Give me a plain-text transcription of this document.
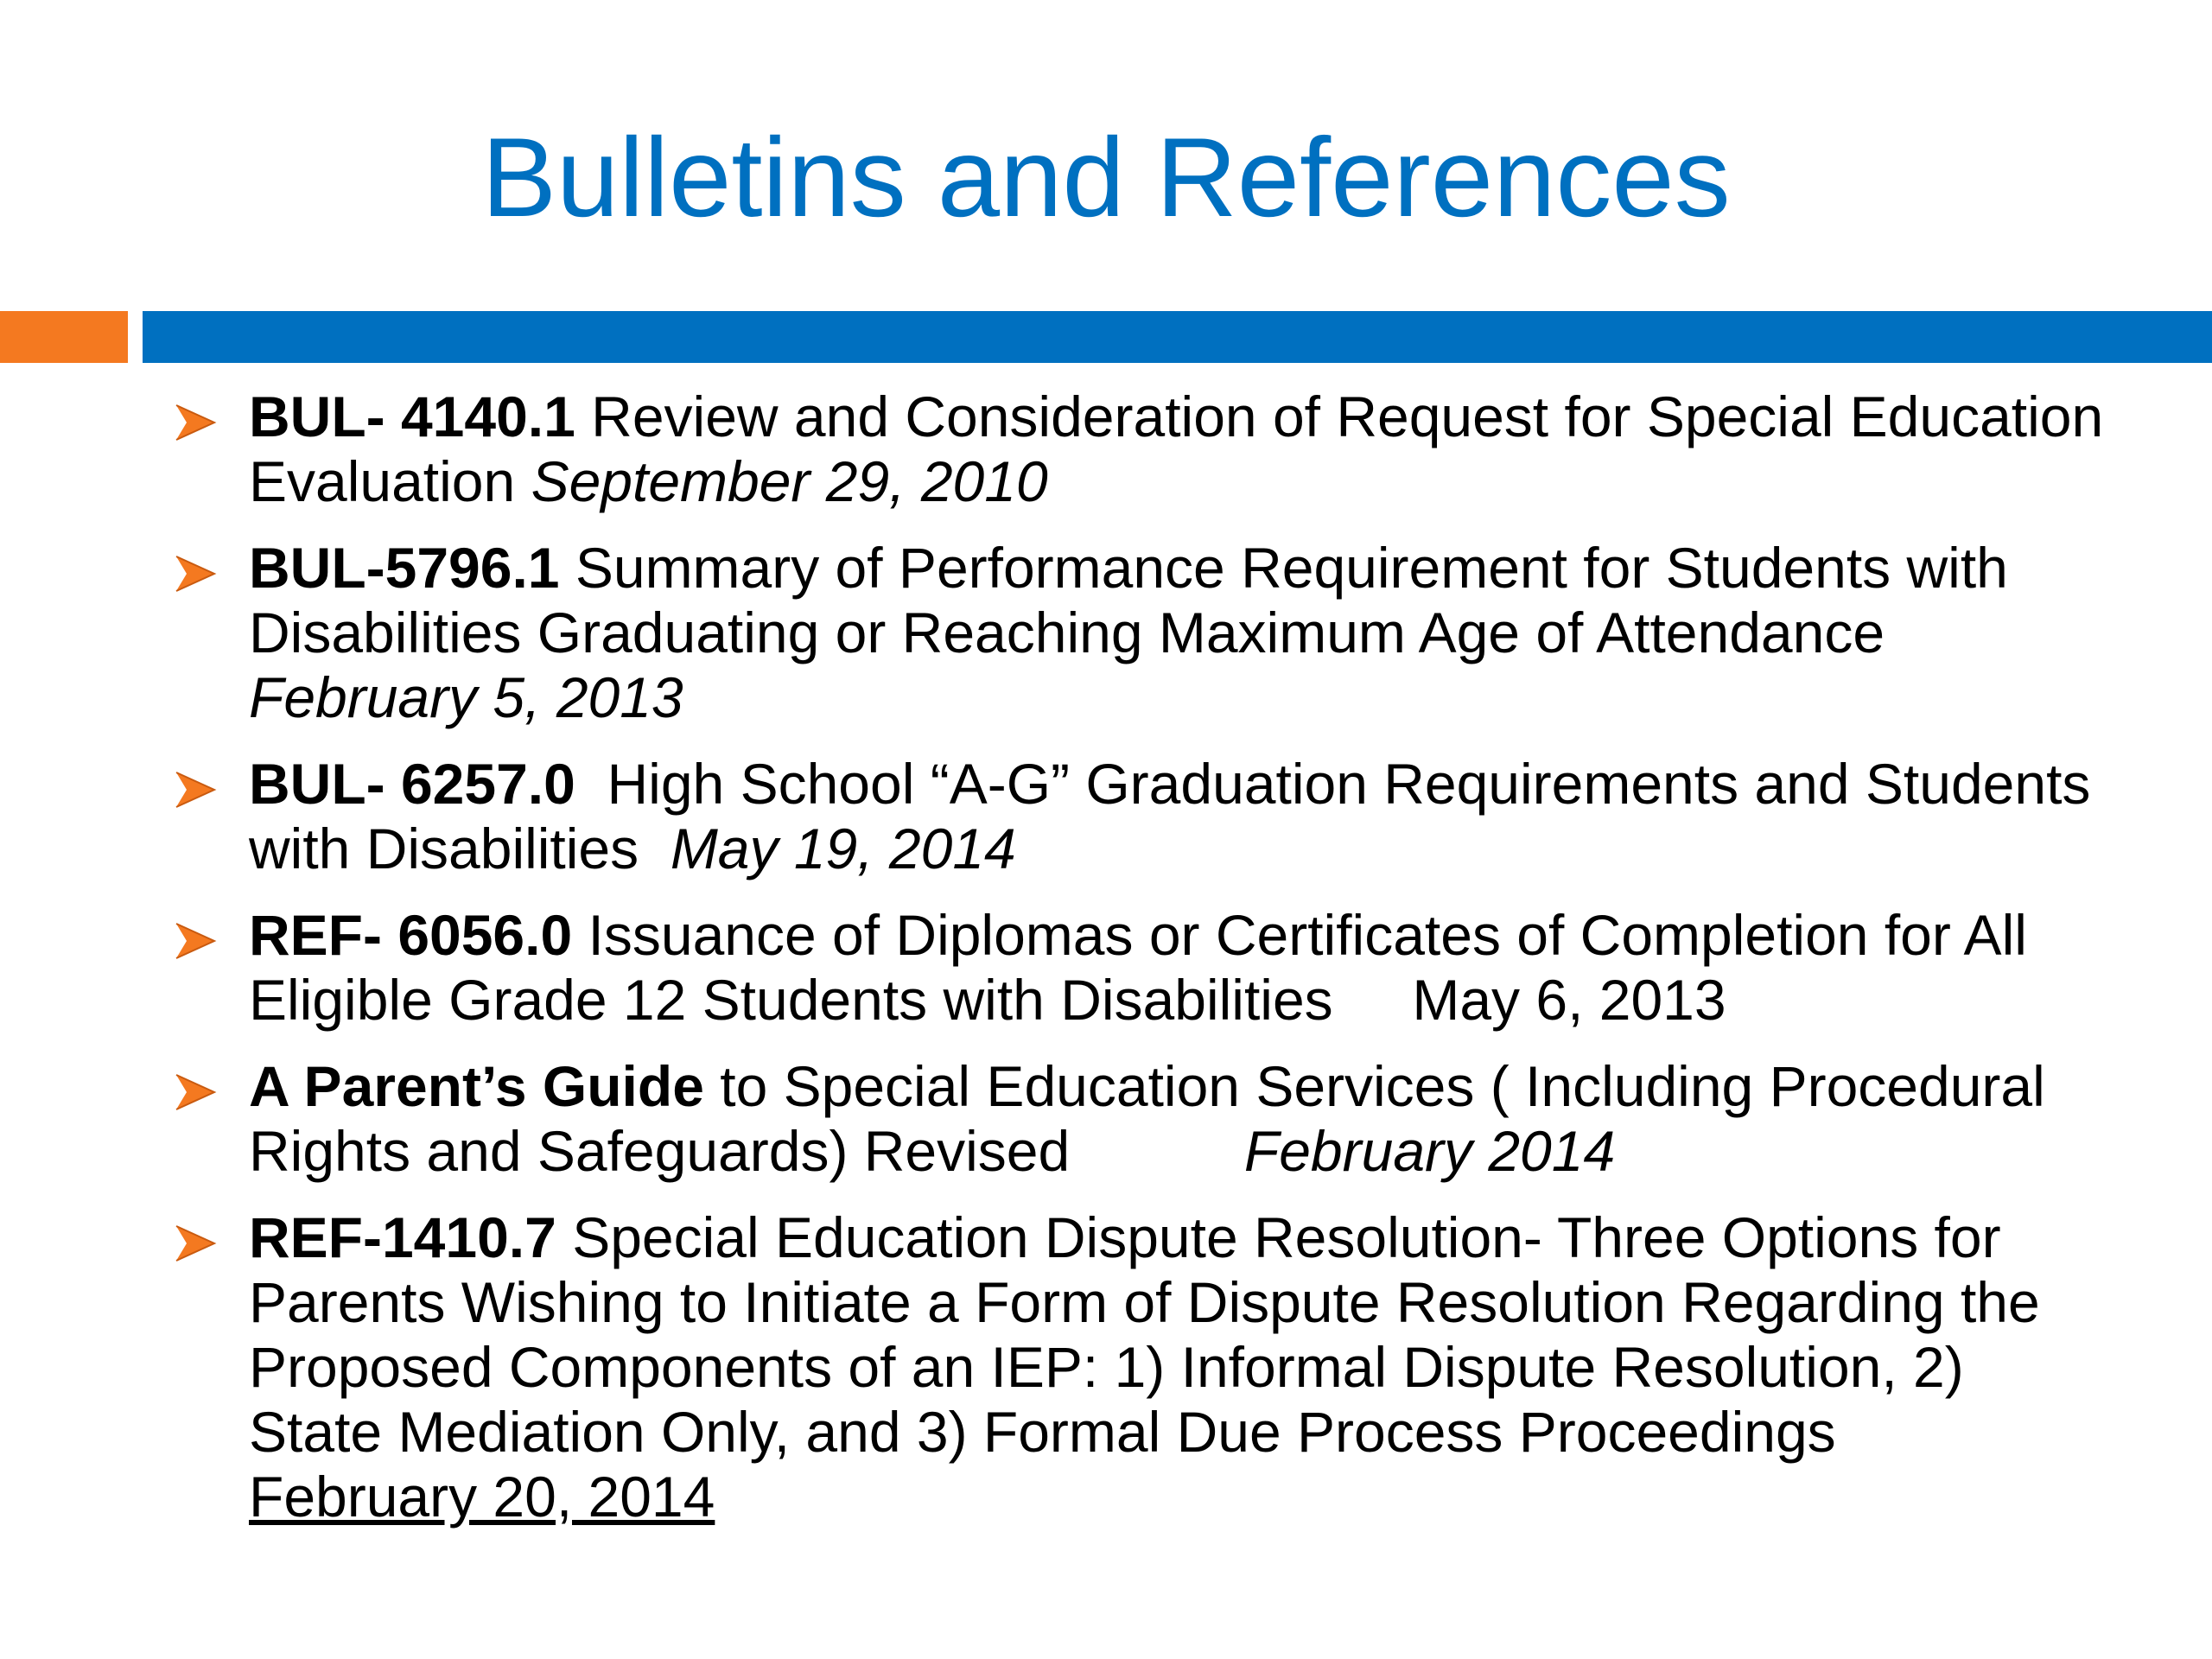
Bulletins and References
BUL- 4140.1 Review and Consideration of Request for Special Education Evaluation September 29, 2010
BUL-5796.1 Summary of Performance Requirement for Students with Disabilities Graduating or Reaching Maximum Age of Attendance    February 5, 2013
BUL- 6257.0  High School “A-G” Graduation Requirements and Students with Disabilities  May 19, 2014
REF- 6056.0 Issuance of Diplomas or Certificates of Completion for All Eligible Grade 12 Students with Disabilities     May 6, 2013
A Parent’s Guide to Special Education Services ( Including Procedural Rights and Safeguards) Revised           February 2014
REF-1410.7 Special Education Dispute Resolution- Three Options for Parents Wishing to Initiate a Form of Dispute Resolution Regarding the Proposed Components of an IEP: 1) Informal Dispute Resolution, 2) State Mediation Only, and 3) Formal Due Process Proceedings        February 20, 2014
